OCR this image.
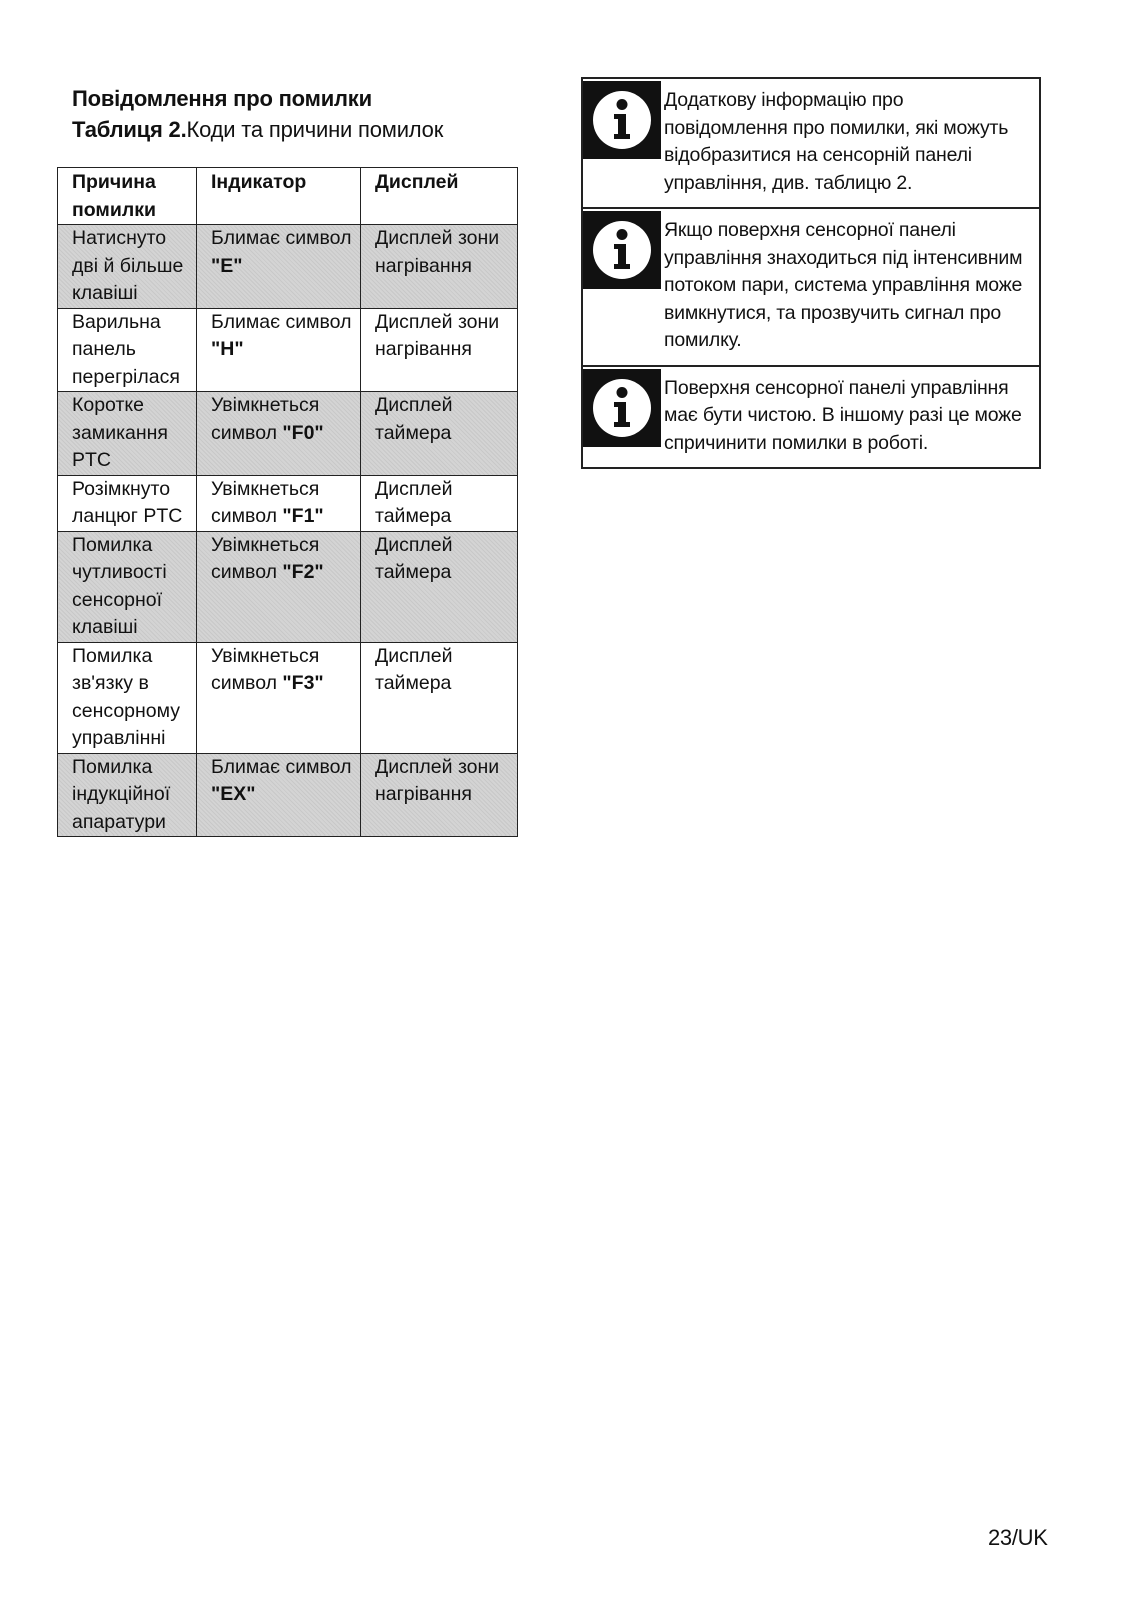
Повідомлення про помилки

Таблиця 2.Коди та причини помилок

Причина помилки	Індикатор	Дисплей
Натиснуто дві й більше клавіші	Блимає символ "E"	Дисплей зони нагрівання
Варильна панель перегрілася	Блимає символ "H"	Дисплей зони нагрівання
Коротке замикання PTC	Увімкнеться символ "F0"	Дисплей таймера
Розімкнуто ланцюг PTC	Увімкнеться символ "F1"	Дисплей таймера
Помилка чутливості сенсорноï клавіші	Увімкнеться символ "F2"	Дисплей таймера
Помилка зв'язку в сенсорному управлінні	Увімкнеться символ "F3"	Дисплей таймера
Помилка індукційноï апаратури	Блимає символ "EX"	Дисплей зони нагрівання
Додаткову інформацію про повідомлення про помилки, які можуть відобразитися на сенсорній панелі управління, див. таблицю 2.
Якщо поверхня сенсорноï панелі управління знаходиться під інтенсивним потоком пари, система управління може вимкнутися, та прозвучить сигнал про помилку.
Поверхня сенсорноï панелі управління має бути чистою. В іншому разі це може спричинити помилки в роботі.
23/UK
